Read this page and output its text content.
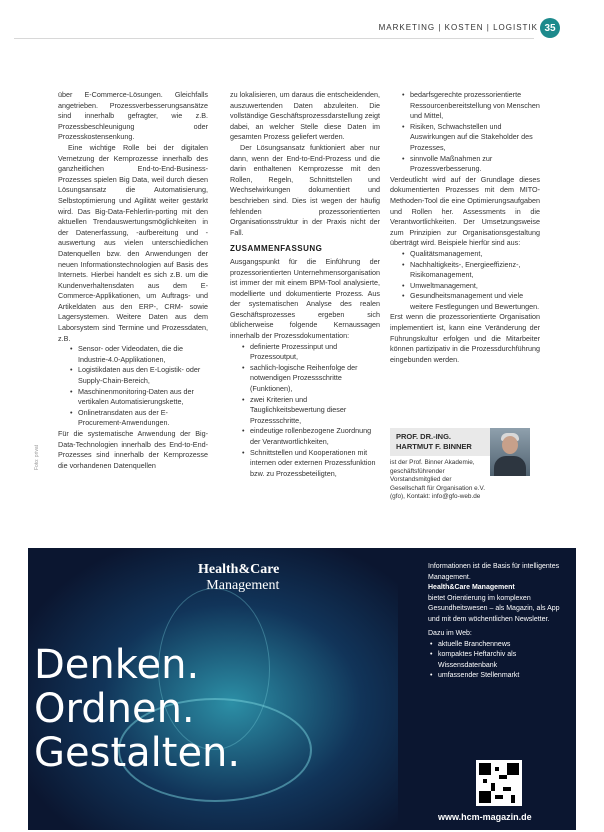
MARKETING | KOSTEN | LOGISTIK 35
Foto: privat

über E-Commerce-Lösungen. Gleichfalls angetrieben. Prozessverbesserungsansätze sind innerhalb gefragter, wie z.B. Prozessbeschleunigung oder Prozesskostensenkung.

Eine wichtige Rolle bei der digitalen Vernetzung der Kernprozesse innerhalb des ganzheitlichen End-to-End-Business-Prozesses spielen Big Data, weil durch diesen Lösungsansatz die Automatisierung, Selbstoptimierung und Agilität weiter gestärkt wird. Das Big-Data-Fehlerlin-porting mit den aktuellen Trendauswertungsmöglichkeiten in der Datenerfassung, -aufbereitung und -auswertung aus vielen unterschiedlichen Datenquellen bzw. den Anwendungen der neuen Informationstechnologien auf Basis des Internets. Hierbei handelt es sich z.B. um die Kundenverhaltensdaten aus dem E-Commerce-Applikationen, um Auftrags- und Artikeldaten aus den ERP-, CRM- sowie Lagersystemen. Weitere Daten aus dem Laborsystem sind Termine und Prozessdaten, z.B.

• Sensor- oder Videodaten, die die Industrie-4.0-Applikationen,
• Logistikdaten aus den E-Logistik- oder Supply-Chain-Bereich,
• Maschinenmonitoring-Daten aus der vertikalen Automatisierungskette,
• Onlinetransdaten aus der E-Procurement-Anwendungen.

Für die systematische Anwendung der Big-Data-Technologien innerhalb des End-to-End-Prozesses sind innerhalb der Kernprozesse die vorhandenen Datenquellen

zu lokalisieren, um daraus die entscheidenden, auszuwertenden Daten abzuleiten. Die vollständige Geschäftsprozessdarstellung zeigt dabei, an welcher Stelle diese Daten im gesamten Prozess geliefert werden.

Der Lösungsansatz funktioniert aber nur dann, wenn der End-to-End-Prozess und die darin enthaltenen Kernprozesse mit den Rollen, Regeln, Schnittstellen und Wechselwirkungen dokumentiert und beschrieben sind. Dies ist wegen der häufig fehlenden prozessorientierten Organisationsstruktur in der Praxis nicht der Fall.

ZUSAMMENFASSUNG

Ausgangspunkt für die Einführung der prozessorientierten Unternehmensorganisation ist immer der mit einem BPM-Tool analysierte, modellierte und dokumentierte Prozess. Aus der systematischen Analyse des realen Geschäftsprozesses ergeben sich üblicherweise folgende Kernaussagen innerhalb der Prozessdokumentation:

• definierte Prozessinput und Prozessoutput,
• sachlich-logische Reihenfolge der notwendigen Prozessschritte (Funktionen),
• zwei Kriterien und Tauglichkeitsbewertung dieser Prozessschritte,
• eindeutige rollenbezogene Zuordnung der Verantwortlichkeiten,
• Schnittstellen und Kooperationen mit internen oder externen Prozessfunktion bzw. zu Prozessbeteiligten,
• bedarfsgerechte prozessorientierte Ressourcenbereitstellung von Menschen und Mittel,
• Risiken, Schwachstellen und Auswirkungen auf die Stakeholder des Prozesses,
• sinnvolle Maßnahmen zur Prozessverbesserung.

Verdeutlicht wird auf der Grundlage dieses dokumentierten Prozesses mit dem MITO-Methoden-Tool die eine Optimierungsaufgaben und Rollen her. Assessments in die Verantwortlichkeiten. Der Umsetzungsweise zum Prinzipien zur Organisationsgestaltung überträgt wird. Beispiele hierfür sind aus:

• Qualitätsmanagement,
• Nachhaltigkeits-, Energieeffizienz-, Risikomanagement,
• Umweltmanagement,
• Gesundheitsmanagement und viele weitere Festlegungen und Bewertungen.

Erst wenn die prozessorientierte Organisation implementiert ist, kann eine Veränderung der Führungskultur erfolgen und die Mitarbeiter können partizipativ in die Prozessdurchführung eingebunden werden.

PROF. DR.-ING. HARTMUT F. BINNER
ist der Prof. Binner Akademie, geschäftsführender Vorstandsmitglied der Gesellschaft für Organisation e.V. (gfo), Kontakt: info@gfo-web.de
Health&Care
Management
Denken.
Ordnen.
Gestalten.
Informationen ist die Basis für intelligentes Management.
Health&Care Management
bietet Orientierung im komplexen Gesundheitswesen – als Magazin, als App und mit dem wöchentlichen Newsletter.
Dazu im Web:
• aktuelle Branchennews
• kompaktes Heftarchiv als Wissensdatenbank
• umfassender Stellenmarkt
www.hcm-magazin.de
